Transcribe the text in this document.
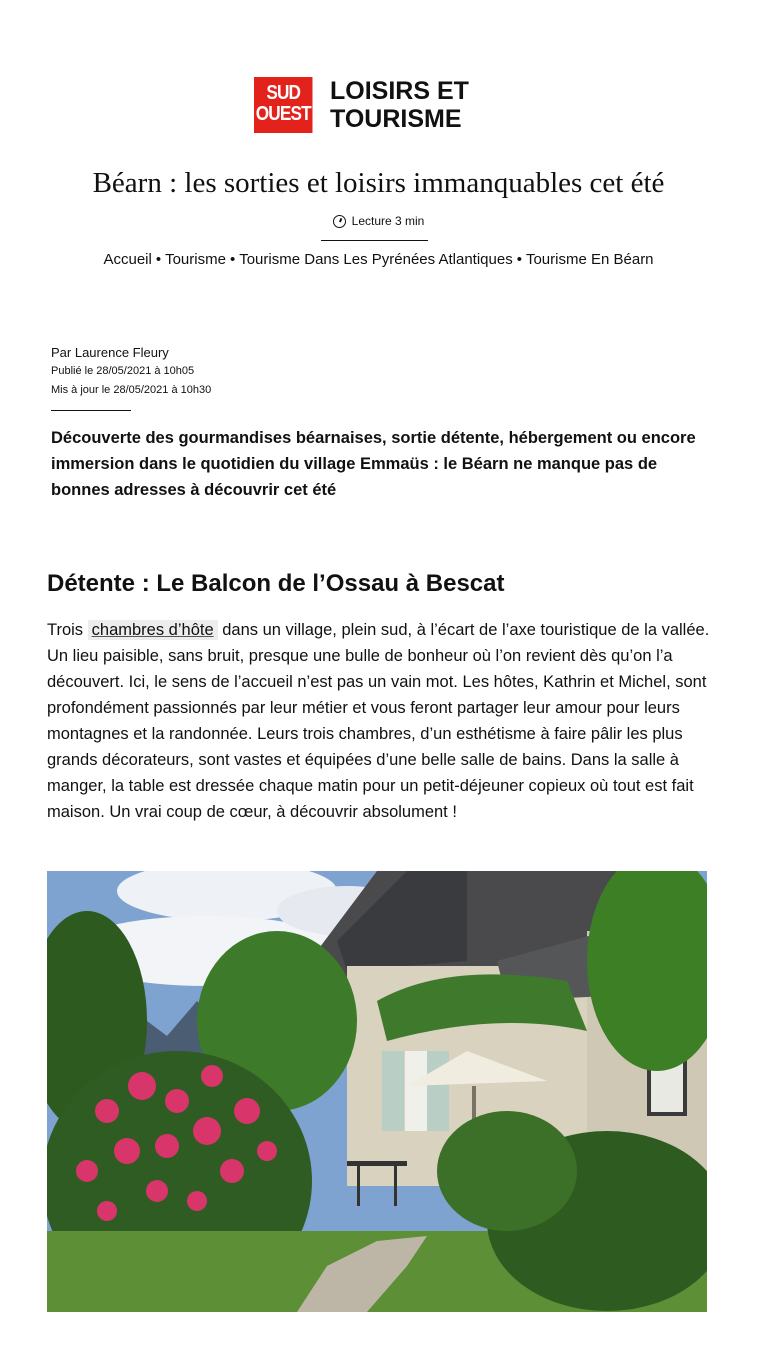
SUD
OUEST
LOISIRS ET
TOURISME
Béarn : les sorties et loisirs immanquables cet été
Lecture 3 min
Accueil • Tourisme • Tourisme Dans Les Pyrénées Atlantiques • Tourisme En Béarn
Par Laurence Fleury
Publié le 28/05/2021 à 10h05
Mis à jour le 28/05/2021 à 10h30

Découverte des gourmandises béarnaises, sortie détente, hébergement ou encore immersion dans le quotidien du village Emmaüs : le Béarn ne manque pas de bonnes adresses à découvrir cet été

Détente : Le Balcon de l’Ossau à Bescat

Trois chambres d’hôte dans un village, plein sud, à l’écart de l’axe touristique de la vallée. Un lieu paisible, sans bruit, presque une bulle de bonheur où l’on revient dès qu’on l’a découvert. Ici, le sens de l’accueil n’est pas un vain mot. Les hôtes, Kathrin et Michel, sont profondément passionnés par leur métier et vous feront partager leur amour pour leurs montagnes et la randonnée. Leurs trois chambres, d’un esthétisme à faire pâlir les plus grands décorateurs, sont vastes et équipées d’une belle salle de bains. Dans la salle à manger, la table est dressée chaque matin pour un petit-déjeuner copieux où tout est fait maison. Un vrai coup de cœur, à découvrir absolument !
